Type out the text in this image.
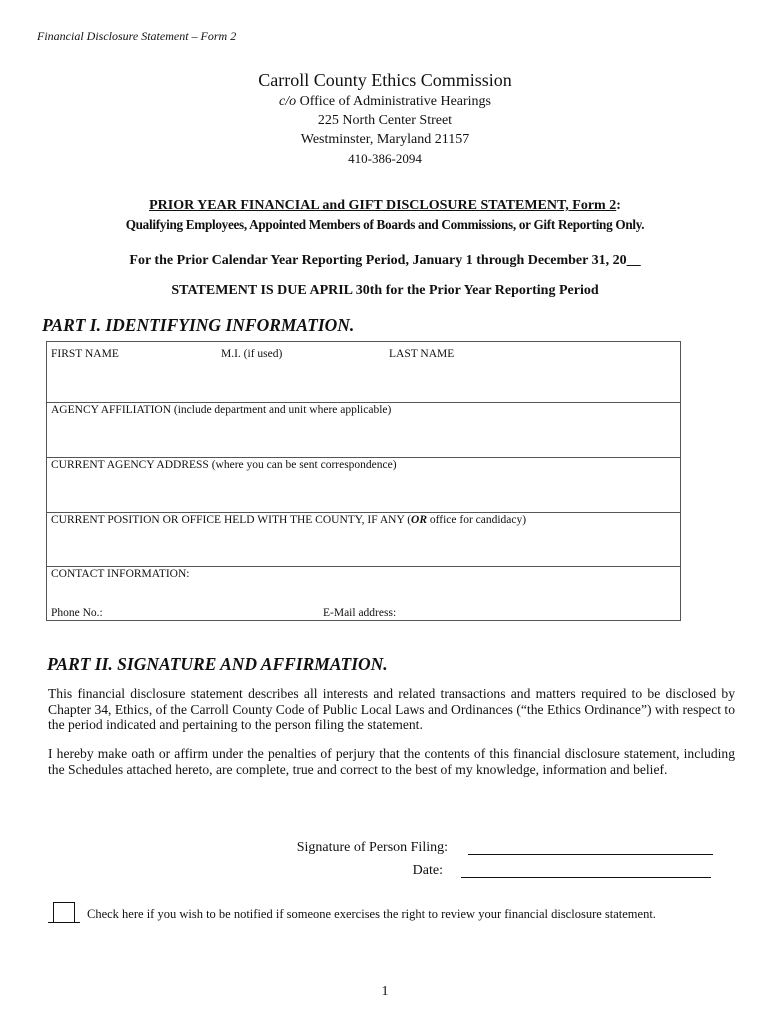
Financial Disclosure Statement – Form 2
Carroll County Ethics Commission
c/o Office of Administrative Hearings
225 North Center Street
Westminster, Maryland 21157
410-386-2094
PRIOR YEAR FINANCIAL and GIFT DISCLOSURE STATEMENT, Form 2:
Qualifying Employees, Appointed Members of Boards and Commissions, or Gift Reporting Only.
For the Prior Calendar Year Reporting Period, January 1 through December 31, 20__
STATEMENT IS DUE APRIL 30th for the Prior Year Reporting Period
PART I. IDENTIFYING INFORMATION.
FIRST NAME	M.I. (if used)	LAST NAME
AGENCY AFFILIATION (include department and unit where applicable)
CURRENT AGENCY ADDRESS (where you can be sent correspondence)
CURRENT POSITION OR OFFICE HELD WITH THE COUNTY, IF ANY (OR office for candidacy)
CONTACT INFORMATION:
Phone No.:	E-Mail address:
PART II. SIGNATURE AND AFFIRMATION.
This financial disclosure statement describes all interests and related transactions and matters required to be disclosed by Chapter 34, Ethics, of the Carroll County Code of Public Local Laws and Ordinances (“the Ethics Ordinance”) with respect to the period indicated and pertaining to the person filing the statement.
I hereby make oath or affirm under the penalties of perjury that the contents of this financial disclosure statement, including the Schedules attached hereto, are complete, true and correct to the best of my knowledge, information and belief.
Signature of Person Filing:
Date:
Check here if you wish to be notified if someone exercises the right to review your financial disclosure statement.
1
